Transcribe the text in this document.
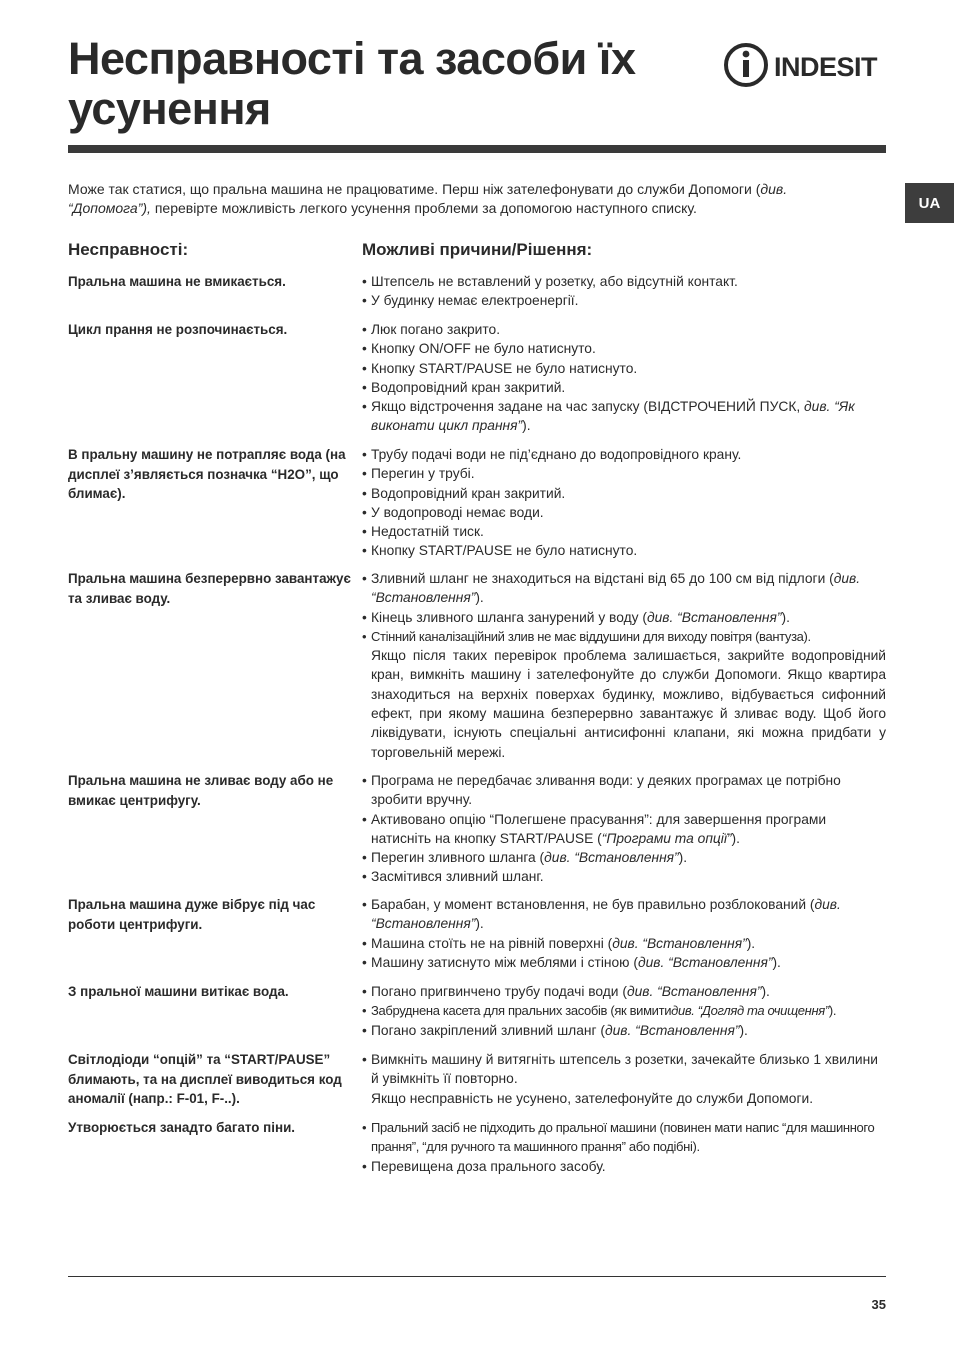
Несправності та засоби їх усунення
INDESIT
UA

Може так статися, що пральна машина не працюватиме. Перш ніж зателефонувати до служби Допомоги (див. “Допомога”), перевірте можливість легкого усунення проблеми за допомогою наступного списку.

Несправності:	Можливі причини/Рішення:
Пральна машина не вмикається.	• Штепсель не вставлений у розетку, або відсутній контакт.
• У будинку немає електроенергії.
Цикл прання не розпочинається.	• Люк погано закрито.
• Кнопку ON/OFF не було натиснуто.
• Кнопку START/PAUSE не було натиснуто.
• Водопровідний кран закритий.
• Якщо відстрочення задане на час запуску (ВІДСТРОЧЕНИЙ ПУСК, див. “Як виконати цикл прання”).
В пральну машину не потрапляє вода (на дисплеї з’являється позначка “H2O”, що блимає).
• Трубу подачі води не під’єднано до водопровідного крану.
• Перегин у трубі.
• Водопровідний кран закритий.
• У водопроводі немає води.
• Недостатній тиск.
• Кнопку START/PAUSE не було натиснуто.
Пральна машина безперервно завантажує та зливає воду.
• Зливний шланг не знаходиться на відстані від 65 до 100 см від підлоги (див. “Встановлення”).
• Кінець зливного шланга занурений у воду (див. “Встановлення”).
• Стінний каналізаційний злив не має віддушини для виходу повітря (вантуза).
Якщо після таких перевірок проблема залишається, закрийте водопровідний кран, вимкніть машину і зателефонуйте до служби Допомоги. Якщо квартира знаходиться на верхніх поверхах будинку, можливо, відбувається сифонний ефект, при якому машина безперервно завантажує й зливає воду. Щоб його ліквідувати, існують спеціальні антисифонні клапани, які можна придбати у торговельній мережі.
Пральна машина не зливає воду або не вмикає центрифугу.
• Програма не передбачає зливання води: у деяких програмах це потрібно зробити вручну.
• Активовано опцію “Полегшене прасування”: для завершення програми натисніть на кнопку START/PAUSE (“Програми та опції”).
• Перегин зливного шланга (див. “Встановлення”).
• Засмітився зливний шланг.
Пральна машина дуже вібрує під час роботи центрифуги.
• Барабан, у момент встановлення, не був правильно розблокований (див. “Встановлення”).
• Машина стоїть не на рівній поверхні (див. “Встановлення”).
• Машину затиснуто між меблями і стіною (див. “Встановлення”).
З пральної машини витікає вода.	• Погано пригвинчено трубу подачі води (див. “Встановлення”).
• Забруднена касета для пральних засобів (як вимитидив. “Догляд та очищення”).
• Погано закріплений зливний шланг (див. “Встановлення”).
Світлодіоди “опцій” та “START/PAUSE” блимають, та на дисплеї виводиться код аномалії (напр.: F-01, F-..).
• Вимкніть машину й витягніть штепсель з розетки, зачекайте близько 1 хвилини й увімкніть її повторно.
Якщо несправність не усунено, зателефонуйте до служби Допомоги.
Утворюється занадто багато піни.	• Пральний засіб не підходить до пральної машини (повинен мати напис “для машинного прання”, “для ручного та машинного прання” або подібні).
• Перевищена доза прального засобу.
35
